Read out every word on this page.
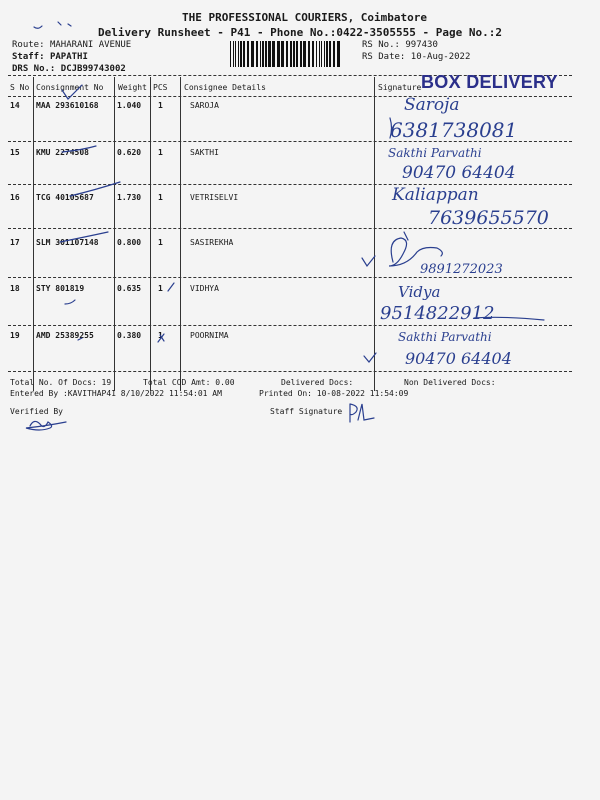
THE PROFESSIONAL COURIERS, Coimbatore
Delivery Runsheet - P41 - Phone No.:0422-3505555 - Page No.:2
Route: MAHARANI AVENUE
Staff: PAPATHI
DRS No.: DCJB99743002
RS No.: 997430
RS Date: 10-Aug-2022
S No Consignment No Weight PCS Consignee Details	Signature BOX DELIVERY
14 MAA 293610168 1.040 1	SAROJA	Saroja
6381738081
15 KMU 2274508	0.620 1	SAKTHI	Sakthi Parvathi
90470 64404
16 TCG 40105687	1.730 1	VETRISELVI	Kaliappan
7639655570
17 SLM 301107148 0.800 1	SASIREKHA
9891272023
18 STY 801819	0.635 1	VIDHYA	Vidya
9514822912
19 AMD 25389255	0.380 1	POORNIMA	Sakthi Parvathi
90470 64404
Total No. Of Docs: 19	Total COD Amt: 0.00	Delivered Docs:	Non Delivered Docs:
Entered By :KAVITHAP41 8/10/2022 11:54:01 AM	Printed On: 10-08-2022 11:54:09
Verified By	Staff Signature
